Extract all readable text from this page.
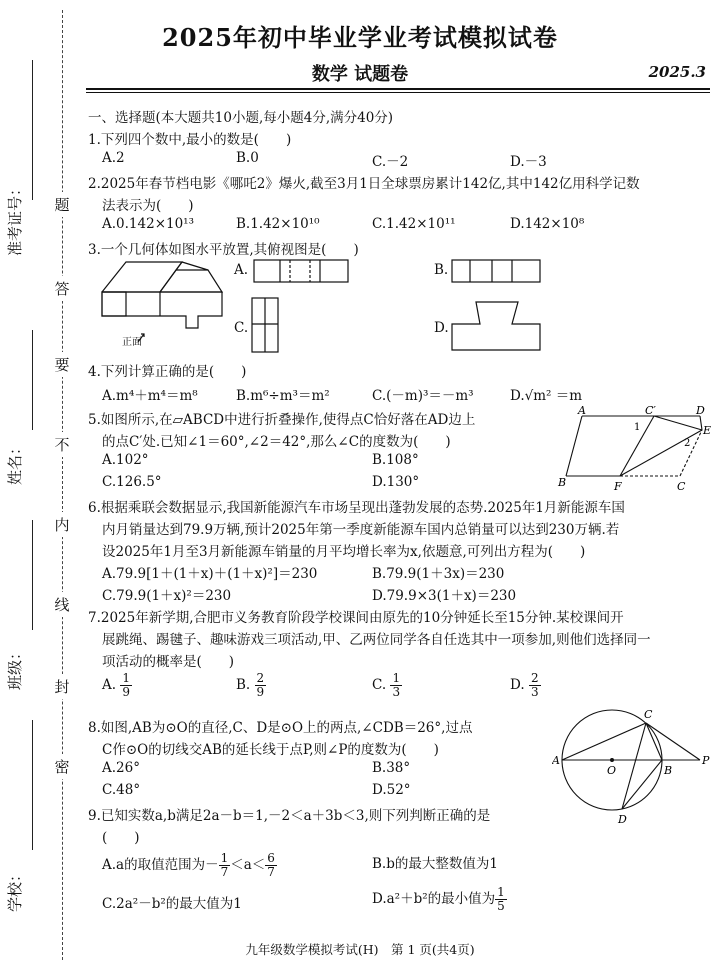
准考证号：
姓名：
班级：
学校：
题
答
要
不
内
线
封
密
2025年初中毕业学业考试模拟试卷
数学 试题卷	2025.3
一、选择题(本大题共10小题,每小题4分,满分40分)
1.下列四个数中,最小的数是(　　)
A.2	B.0	C.－2	D.－3
2.2025年春节档电影《哪吒2》爆火,截至3月1日全球票房累计142亿,其中142亿用科学记数
法表示为(　　)
A.0.142×10¹³	B.1.42×10¹⁰	C.1.42×10¹¹	D.142×10⁸
3.一个几何体如图水平放置,其俯视图是(　　)
正面
A.	B.
C.	D.
4.下列计算正确的是(　　)
A.m⁴＋m⁴＝m⁸	B.m⁶÷m³＝m²	C.(－m)³＝－m³	D.√m² ＝m
5.如图所示,在▱ABCD中进行折叠操作,使得点C恰好落在AD边上
的点C′处.已知∠1＝60°,∠2＝42°,那么∠C的度数为(　　)
A.102°	B.108°
C.126.5°	D.130°
A	C′	D
E
B	F	C
1
2
6.根据乘联会数据显示,我国新能源汽车市场呈现出蓬勃发展的态势.2025年1月新能源车国
内月销量达到79.9万辆,预计2025年第一季度新能源车国内总销量可以达到230万辆.若
设2025年1月至3月新能源车销量的月平均增长率为x,依题意,可列出方程为(　　)
A.79.9[1＋(1＋x)＋(1＋x)²]＝230	B.79.9(1＋3x)＝230
C.79.9(1＋x)²＝230	D.79.9×3(1＋x)＝230
7.2025年新学期,合肥市义务教育阶段学校课间由原先的10分钟延长至15分钟.某校课间开
展跳绳、踢毽子、趣味游戏三项活动,甲、乙两位同学各自任选其中一项参加,则他们选择同一
项活动的概率是(　　)
A. $\frac{1}{9}$	B. $\frac{2}{9}$	C. $\frac{1}{3}$	D. $\frac{2}{3}$
8.如图,AB为⊙O的直径,C、D是⊙O上的两点,∠CDB＝26°,过点
C作⊙O的切线交AB的延长线于点P,则∠P的度数为(　　)
A.26°	B.38°
C.48°	D.52°
A
O	B
P
C
D
9.已知实数a,b满足2a－b＝1,－2＜a＋3b＜3,则下列判断正确的是
(　　)
A.a的取值范围为－ $\frac{1}{7} <a< \frac{6}{7}$	B.b的最大整数值为1
C.2a²－b²的最大值为1	D.a²＋b²的最小值为 $\frac{1}{5}$
九年级数学模拟考试(H)　第 1 页(共4页)
